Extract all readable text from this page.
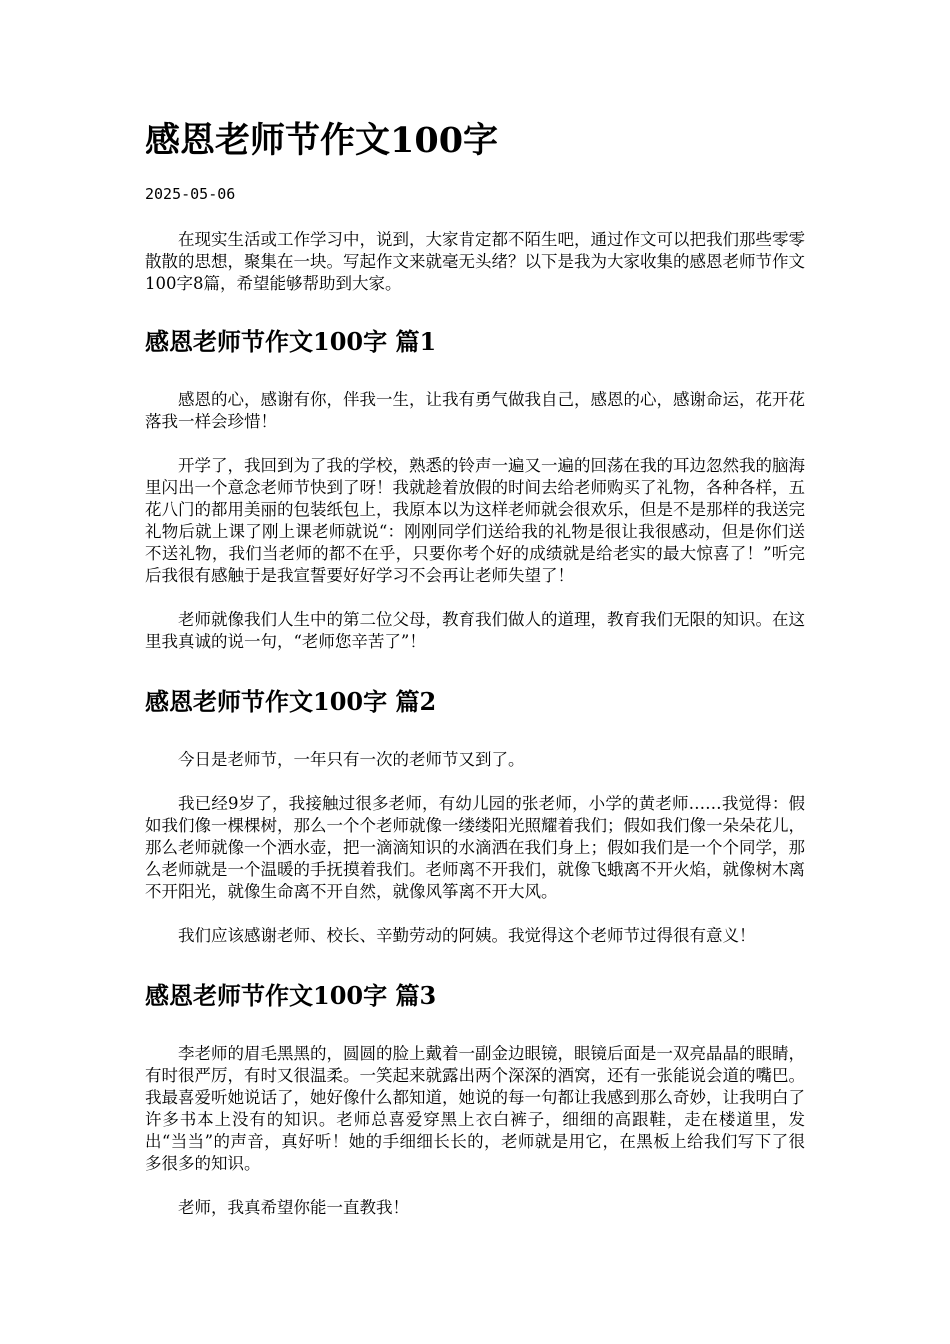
感恩老师节作文100字
2025-05-06

在现实生活或工作学习中，说到，大家肯定都不陌生吧，通过作文可以把我们那些零零散散的思想，聚集在一块。写起作文来就毫无头绪？以下是我为大家收集的感恩老师节作文100字8篇，希望能够帮助到大家。

感恩老师节作文100字 篇1

感恩的心，感谢有你，伴我一生，让我有勇气做我自己，感恩的心，感谢命运，花开花落我一样会珍惜！

开学了，我回到为了我的学校，熟悉的铃声一遍又一遍的回荡在我的耳边忽然我的脑海里闪出一个意念老师节快到了呀！我就趁着放假的时间去给老师购买了礼物，各种各样，五花八门的都用美丽的包装纸包上，我原本以为这样老师就会很欢乐，但是不是那样的我送完礼物后就上课了刚上课老师就说“：刚刚同学们送给我的礼物是很让我很感动，但是你们送不送礼物，我们当老师的都不在乎，只要你考个好的成绩就是给老实的最大惊喜了！”听完后我很有感触于是我宣誓要好好学习不会再让老师失望了！

老师就像我们人生中的第二位父母，教育我们做人的道理，教育我们无限的知识。在这里我真诚的说一句，“老师您辛苦了”！

感恩老师节作文100字 篇2

今日是老师节，一年只有一次的老师节又到了。

我已经9岁了，我接触过很多老师，有幼儿园的张老师，小学的黄老师……我觉得：假如我们像一棵棵树，那么一个个老师就像一缕缕阳光照耀着我们；假如我们像一朵朵花儿，那么老师就像一个洒水壶，把一滴滴知识的水滴洒在我们身上；假如我们是一个个同学，那么老师就是一个温暖的手抚摸着我们。老师离不开我们，就像飞蛾离不开火焰，就像树木离不开阳光，就像生命离不开自然，就像风筝离不开大风。

我们应该感谢老师、校长、辛勤劳动的阿姨。我觉得这个老师节过得很有意义！

感恩老师节作文100字 篇3

李老师的眉毛黑黑的，圆圆的脸上戴着一副金边眼镜，眼镜后面是一双亮晶晶的眼睛，有时很严厉，有时又很温柔。一笑起来就露出两个深深的酒窝，还有一张能说会道的嘴巴。我最喜爱听她说话了，她好像什么都知道，她说的每一句都让我感到那么奇妙，让我明白了许多书本上没有的知识。老师总喜爱穿黑上衣白裤子，细细的高跟鞋，走在楼道里，发出“当当”的声音，真好听！她的手细细长长的，老师就是用它，在黑板上给我们写下了很多很多的知识。

老师，我真希望你能一直教我！
